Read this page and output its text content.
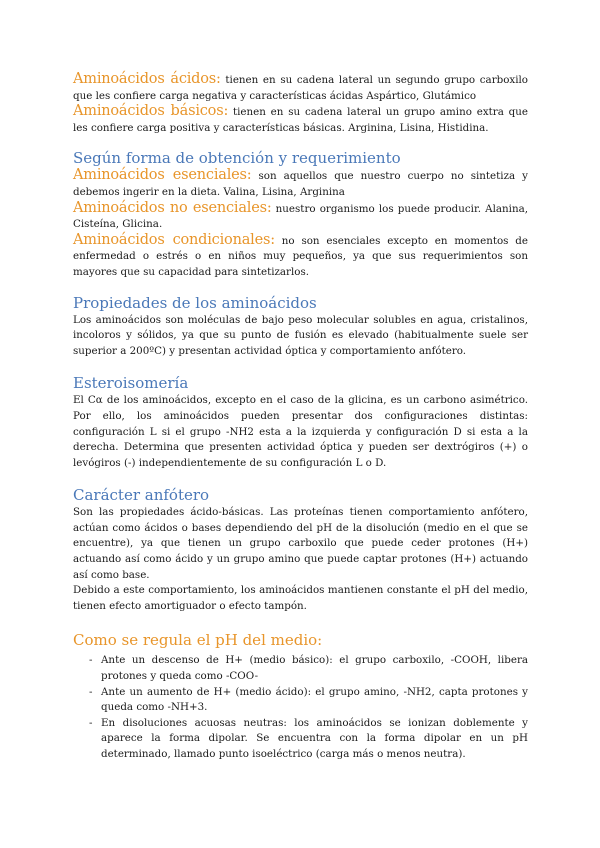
Aminoácidos ácidos: tienen en su cadena lateral un segundo grupo carboxilo que les confiere carga negativa y características ácidas Aspártico, Glutámico

Aminoácidos básicos: tienen en su cadena lateral un grupo amino extra que les confiere carga positiva y características básicas. Arginina, Lisina, Histidina.

Según forma de obtención y requerimiento

Aminoácidos esenciales: son aquellos que nuestro cuerpo no sintetiza y debemos ingerir en la dieta. Valina, Lisina, Arginina

Aminoácidos no esenciales: nuestro organismo los puede producir. Alanina, Cisteína, Glicina.

Aminoácidos condicionales: no son esenciales excepto en momentos de enfermedad o estrés o en niños muy pequeños, ya que sus requerimientos son mayores que su capacidad para sintetizarlos.

Propiedades de los aminoácidos

Los aminoácidos son moléculas de bajo peso molecular solubles en agua, cristalinos, incoloros y sólidos, ya que su punto de fusión es elevado (habitualmente suele ser superior a 200ºC) y presentan actividad óptica y comportamiento anfótero.

Esteroisomería

El Cα de los aminoácidos, excepto en el caso de la glicina, es un carbono asimétrico. Por ello, los aminoácidos pueden presentar dos configuraciones distintas: configuración L si el grupo -NH2 esta a la izquierda y configuración D si esta a la derecha. Determina que presenten actividad óptica y pueden ser dextrógiros (+) o levógiros (-) independientemente de su configuración L o D.

Carácter anfótero

Son las propiedades ácido-básicas. Las proteínas tienen comportamiento anfótero, actúan como ácidos o bases dependiendo del pH de la disolución (medio en el que se encuentre), ya que tienen un grupo carboxilo que puede ceder protones (H+) actuando así como ácido y un grupo amino que puede captar protones (H+) actuando así como base.

Debido a este comportamiento, los aminoácidos mantienen constante el pH del medio, tienen efecto amortiguador o efecto tampón.

Como se regula el pH del medio:
- Ante un descenso de H+ (medio básico): el grupo carboxilo, -COOH, libera protones y queda como -COO-
- Ante un aumento de H+ (medio ácido): el grupo amino, -NH2, capta protones y queda como -NH+3.
- En disoluciones acuosas neutras: los aminoácidos se ionizan doblemente y aparece la forma dipolar. Se encuentra con la forma dipolar en un pH determinado, llamado punto isoeléctrico (carga más o menos neutra).
